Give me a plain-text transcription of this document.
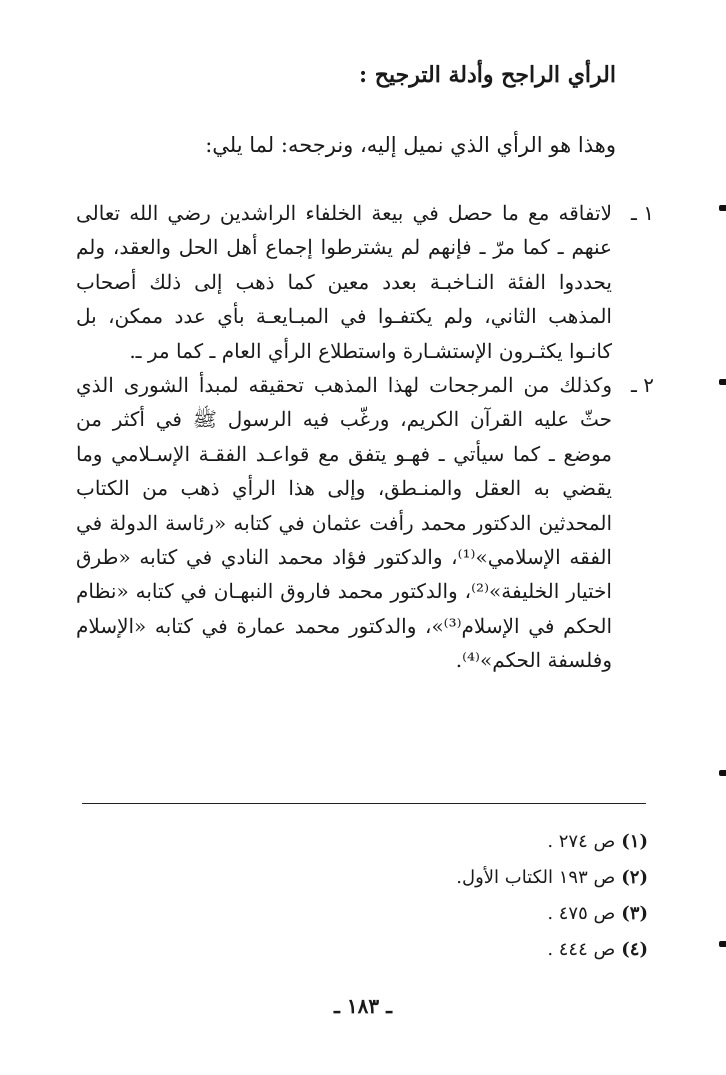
الرأي الراجح وأدلة الترجيح :
وهذا هو الرأي الذي نميل إليه، ونرجحه: لما يلي:
١ ـ
لاتفاقه مع ما حصل في بيعة الخلفاء الراشدين رضي الله تعالى عنهم ـ كما مرّ ـ فإنهم لم يشترطوا إجماع أهل الحل والعقد، ولم يحددوا الفئة النـاخبـة بعدد معين كما ذهب إلى ذلك أصحاب المذهب الثاني، ولم يكتفـوا في المبـايعـة بأي عدد ممكن، بل كانـوا يكثـرون الإستشـارة واستطلاع الرأي العام ـ كما مر ـ.
٢ ـ
وكذلك من المرجحات لهذا المذهب تحقيقه لمبدأ الشورى الذي حثّ عليه القرآن الكريم، ورغّب فيه الرسول ﷺ في أكثر من موضع ـ كما سيأتي ـ فهـو يتفق مع قواعـد الفقـة الإسـلامي وما يقضي به العقل والمنـطق، وإلى هذا الرأي ذهب من الكتاب المحدثين الدكتور محمد رأفت عثمان في كتابه «رئاسة الدولة في الفقه الإسلامي»⁽¹⁾، والدكتور فؤاد محمد النادي في كتابه «طرق اختيار الخليفة»⁽²⁾، والدكتور محمد فاروق النبهـان في كتابه «نظام الحكم في الإسلام⁽³⁾»، والدكتور محمد عمارة في كتابه «الإسلام وفلسفة الحكم»⁽⁴⁾.
(١)ص ٢٧٤ .
(٢)ص ١٩٣ الكتاب الأول.
(٣)ص ٤٧٥ .
(٤)ص ٤٤٤ .
ـ ١٨٣ ـ
